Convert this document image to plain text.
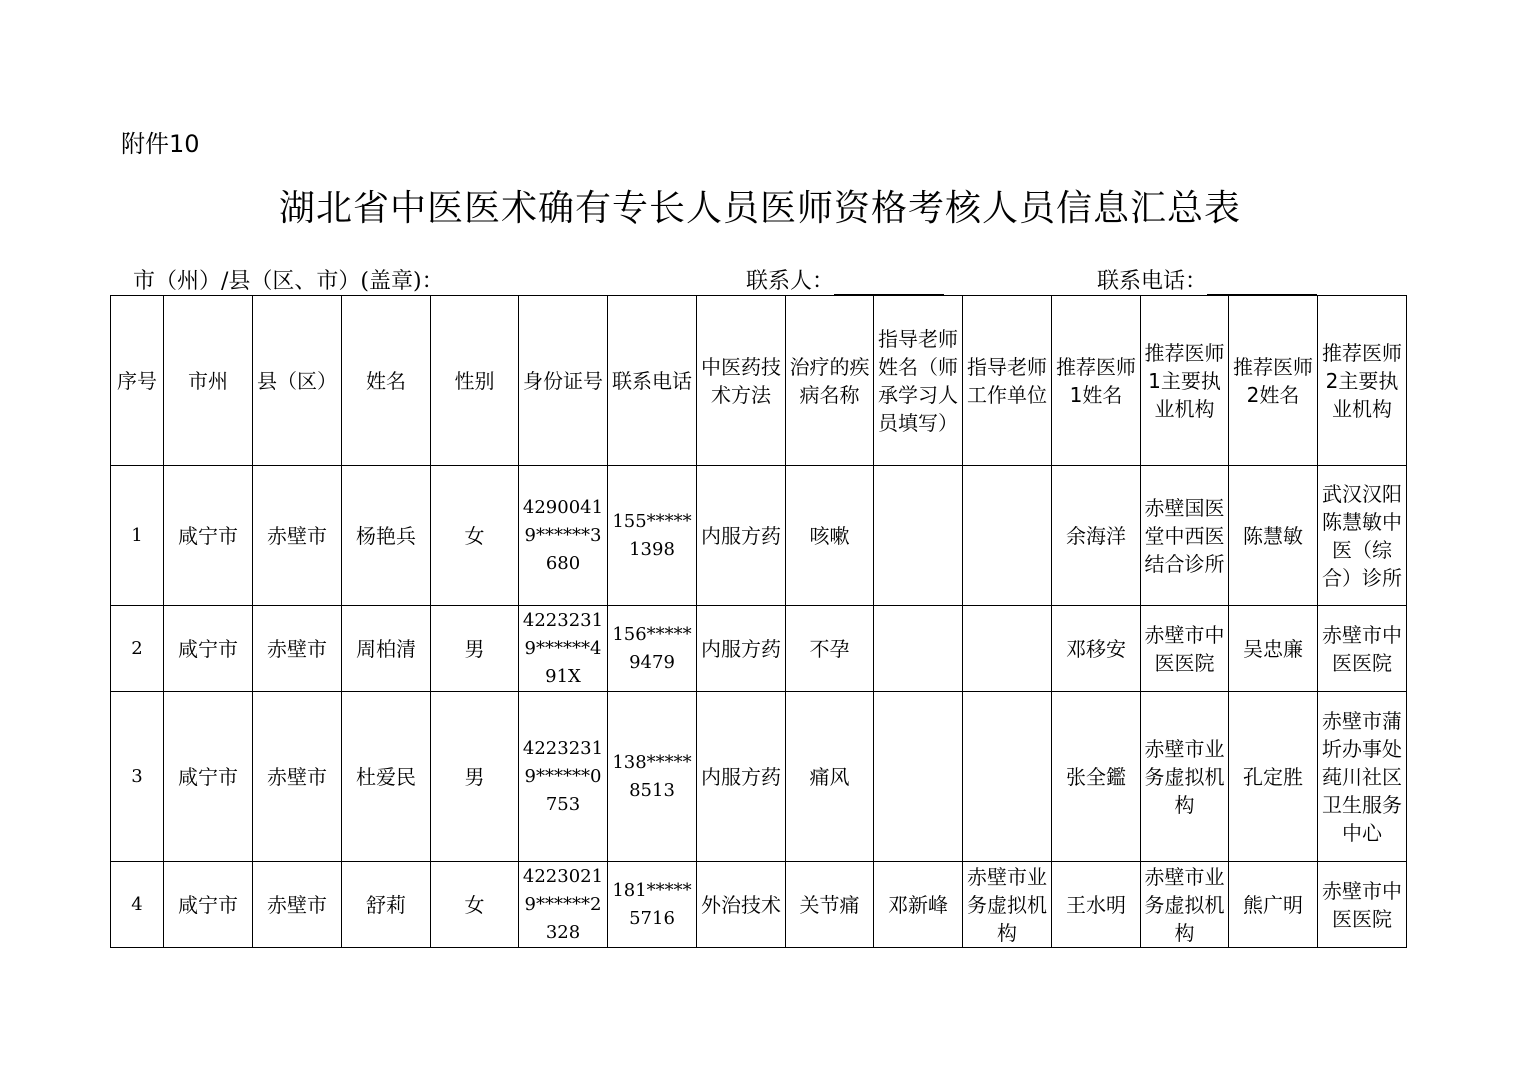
附件10
湖北省中医医术确有专长人员医师资格考核人员信息汇总表
市（州）/县（区、市）(盖章)：	联系人：	联系电话：
序号	市州	县（区）	姓名	性别	身份证号	联系电话	中医药技术方法	治疗的疾病名称	指导老师姓名（师承学习人员填写）	指导老师工作单位	推荐医师1姓名	推荐医师1主要执业机构	推荐医师2姓名	推荐医师2主要执业机构
1	咸宁市	赤壁市	杨艳兵	女	42900419******3680	155*****1398	内服方药	咳嗽			余海洋	赤壁国医堂中西医结合诊所	陈慧敏	武汉汉阳陈慧敏中医（综合）诊所
2	咸宁市	赤壁市	周柏清	男	42232319******491X	156*****9479	内服方药	不孕			邓移安	赤壁市中医医院	吴忠廉	赤壁市中医医院
3	咸宁市	赤壁市	杜爱民	男	42232319******0753	138*****8513	内服方药	痛风			张全鑑	赤壁市业务虚拟机构	孔定胜	赤壁市蒲圻办事处莼川社区卫生服务中心
4	咸宁市	赤壁市	舒莉	女	42230219******2328	181*****5716	外治技术	关节痛	邓新峰	赤壁市业务虚拟机构	王水明	赤壁市业务虚拟机构	熊广明	赤壁市中医医院
